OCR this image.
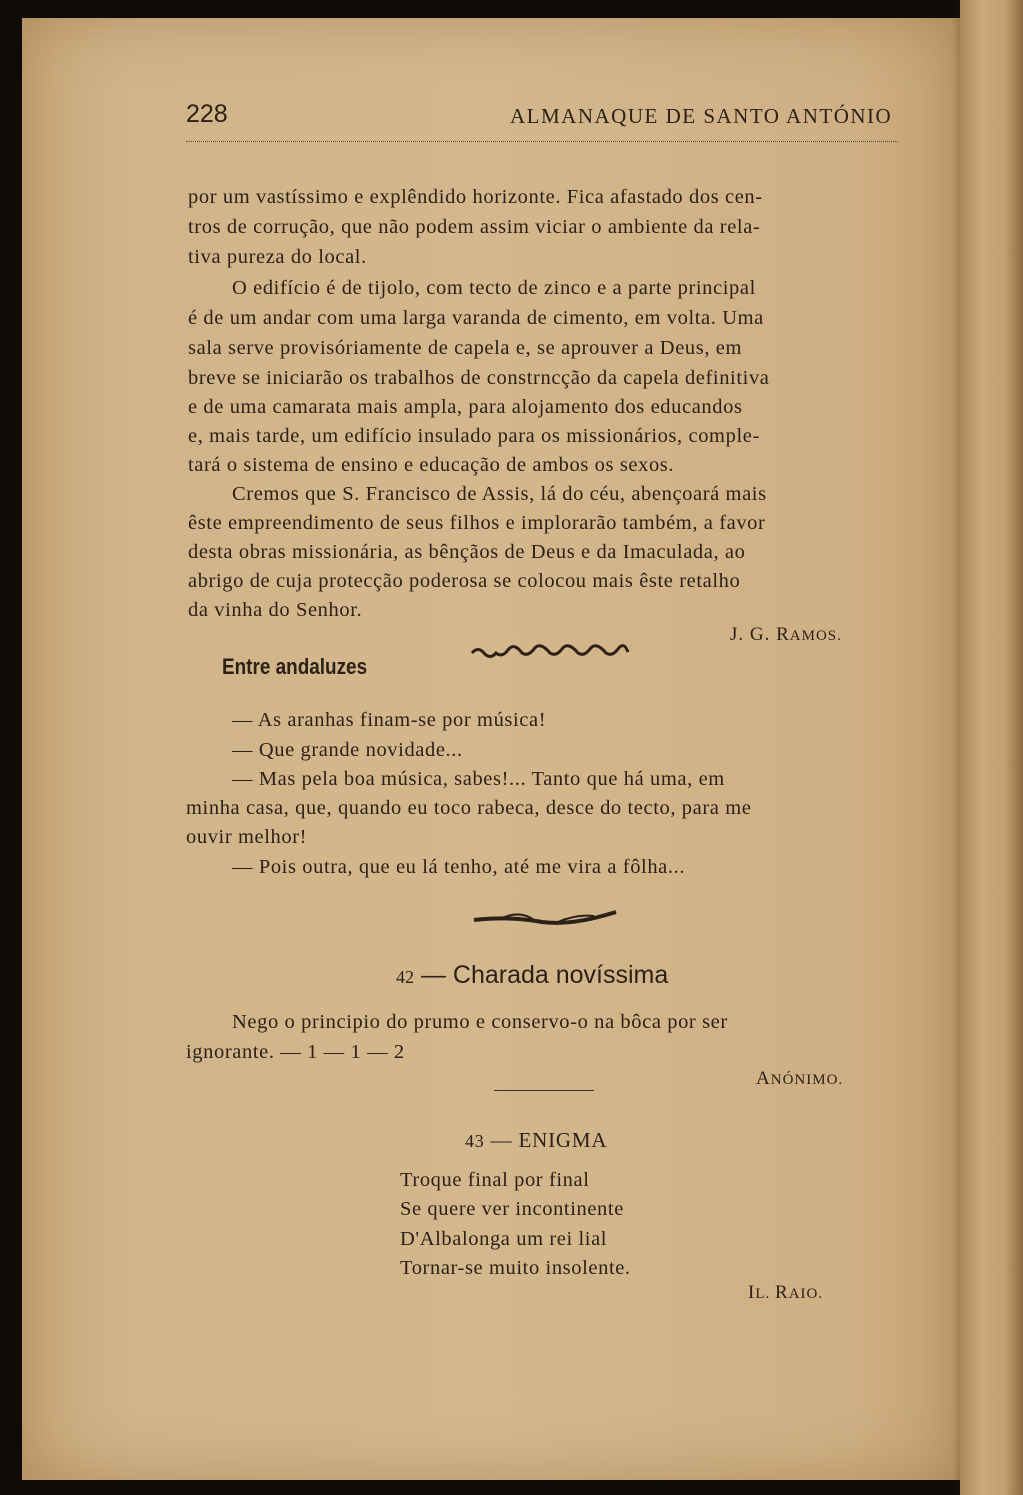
228	ALMANAQUE DE SANTO ANTÓNIO
por um vastíssimo e explêndido horizonte. Fica afastado dos cen-
tros de corrução, que não podem assim viciar o ambiente da rela-
tiva pureza do local.
O edifício é de tijolo, com tecto de zinco e a parte principal
é de um andar com uma larga varanda de cimento, em volta. Uma
sala serve provisóriamente de capela e, se aprouver a Deus, em
breve se iniciarão os trabalhos de constrncção da capela definitiva
e de uma camarata mais ampla, para alojamento dos educandos
e, mais tarde, um edifício insulado para os missionários, comple-
tará o sistema de ensino e educação de ambos os sexos.
Cremos que S. Francisco de Assis, lá do céu, abençoará mais
êste empreendimento de seus filhos e implorarão também, a favor
desta obras missionária, as bênçãos de Deus e da Imaculada, ao
abrigo de cuja protecção poderosa se colocou mais êste retalho
da vinha do Senhor.
J. G. RAMOS.
Entre andaluzes
— As aranhas finam-se por música!
— Que grande novidade...
— Mas pela boa música, sabes!... Tanto que há uma, em
minha casa, que, quando eu toco rabeca, desce do tecto, para me
ouvir melhor!
— Pois outra, que eu lá tenho, até me vira a fôlha...
42 — Charada novíssima
Nego o principio do prumo e conservo-o na bôca por ser
ignorante. — 1 — 1 — 2
ANÓNIMO.
43 — ENIGMA
Troque final por final
Se quere ver incontinente
D'Albalonga um rei lial
Tornar-se muito insolente.
IL. RAIO.
